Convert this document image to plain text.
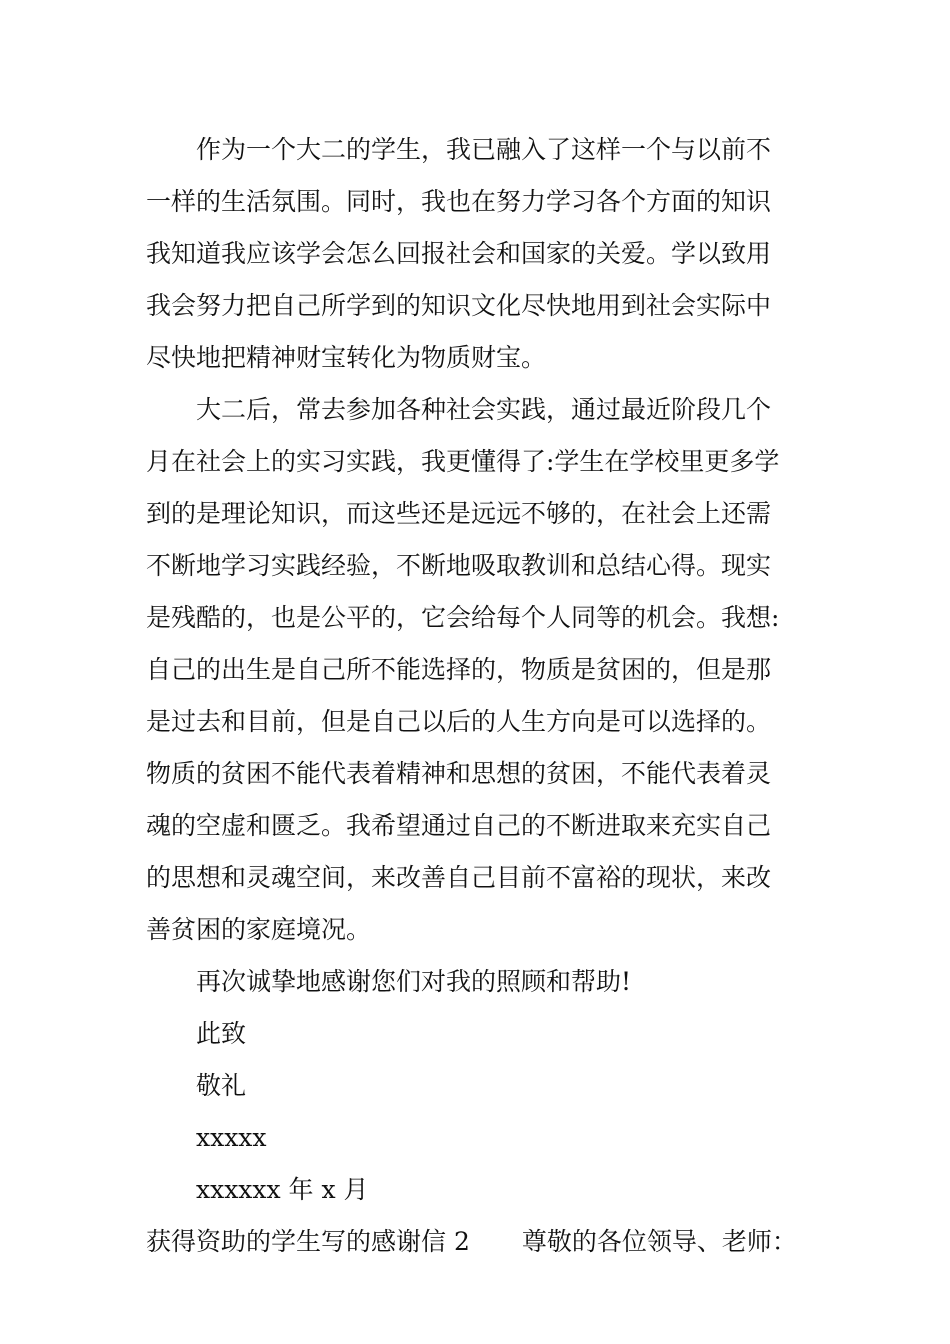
作为一个大二的学生，我已融入了这样一个与以前不
一样的生活氛围。同时，我也在努力学习各个方面的知识
我知道我应该学会怎么回报社会和国家的关爱。学以致用
我会努力把自己所学到的知识文化尽快地用到社会实际中
尽快地把精神财宝转化为物质财宝。
大二后，常去参加各种社会实践，通过最近阶段几个
月在社会上的实习实践，我更懂得了:学生在学校里更多学
到的是理论知识，而这些还是远远不够的，在社会上还需
不断地学习实践经验，不断地吸取教训和总结心得。现实
是残酷的，也是公平的，它会给每个人同等的机会。我想:
自己的出生是自己所不能选择的，物质是贫困的，但是那
是过去和目前，但是自己以后的人生方向是可以选择的。
物质的贫困不能代表着精神和思想的贫困，不能代表着灵
魂的空虚和匮乏。我希望通过自己的不断进取来充实自己
的思想和灵魂空间，来改善自己目前不富裕的现状，来改
善贫困的家庭境况。
再次诚挚地感谢您们对我的照顾和帮助!
此致
敬礼
xxxxx
xxxxxx 年 x 月
获得资助的学生写的感谢信 2 尊敬的各位领导、老师：
